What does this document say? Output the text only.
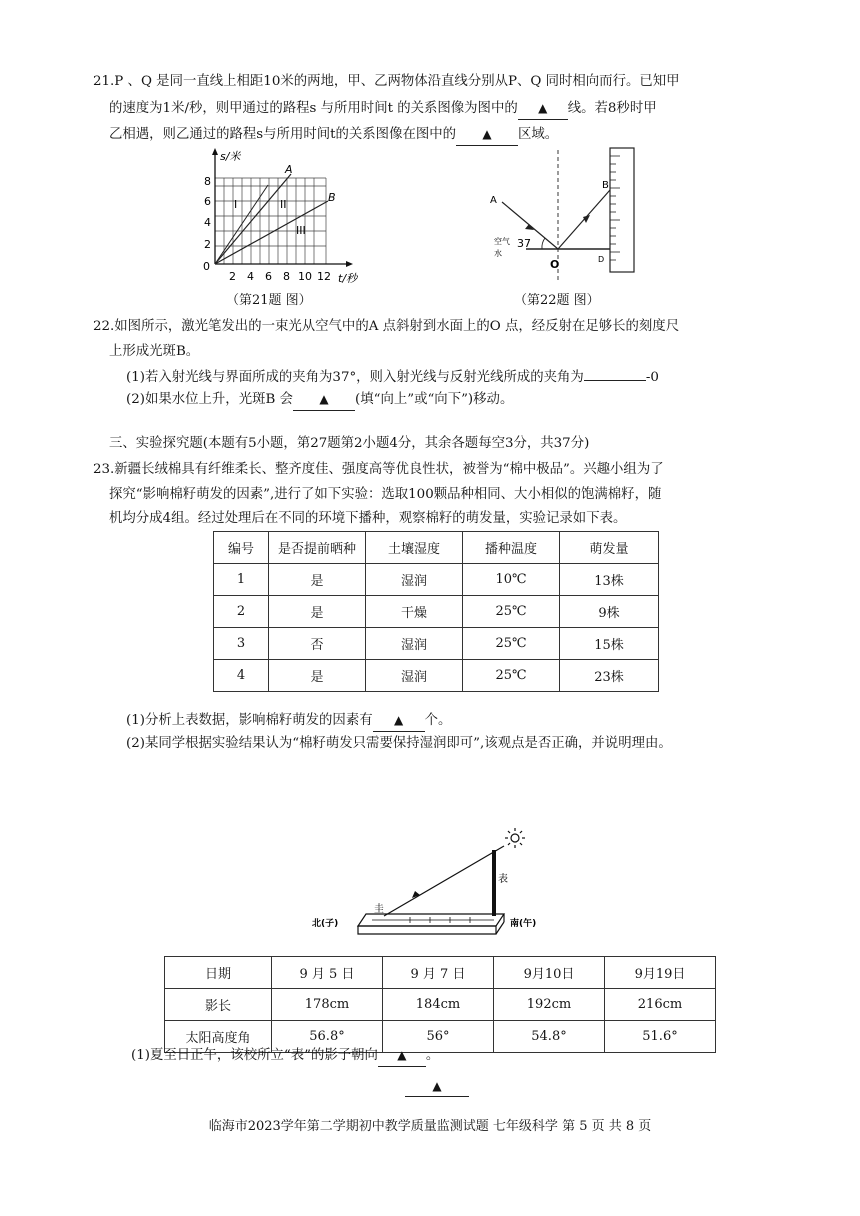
21.P 、Q 是同一直线上相距10米的两地，甲、乙两物体沿直线分别从P、Q 同时相向而行。已知甲
的速度为1米/秒，则甲通过的路程s 与所用时间t 的关系图像为图中的 ▲ 线。若8秒时甲
乙相遇，则乙通过的路程s与所用时间t的关系图像在图中的 ▲ 区域。
s/米
t/秒
8
6
4
2
0
2 4 6 8 10 12
A
B
I	II
III
（第21题 图）
A
B
O	D
空气
水
37
（第22题 图）
22.如图所示，激光笔发出的一束光从空气中的A 点斜射到水面上的O 点，经反射在足够长的刻度尺
上形成光斑B。
(1)若入射光线与界面所成的夹角为37°，则入射光线与反射光线所成的夹角为	-0
(2)如果水位上升，光斑B 会 ▲ (填“向上”或“向下”)移动。
三、实验探究题(本题有5小题，第27题第2小题4分，其余各题每空3分，共37分)
23.新疆长绒棉具有纤维柔长、整齐度佳、强度高等优良性状，被誉为“棉中极品”。兴趣小组为了
探究“影响棉籽萌发的因素”,进行了如下实验：选取100颗品种相同、大小相似的饱满棉籽，随
机均分成4组。经过处理后在不同的环境下播种，观察棉籽的萌发量，实验记录如下表。
编号	是否提前晒种	土壤湿度	播种温度	萌发量
1	是	湿润	10℃	13株
2	是	干燥	25℃	9株
3	否	湿润	25℃	15株
4	是	湿润	25℃	23株
(1)分析上表数据，影响棉籽萌发的因素有 ▲ 个。
(2)某同学根据实验结果认为“棉籽萌发只需要保持湿润即可”,该观点是否正确，并说明理由。
圭
表
北(子)	南(午)
日期	9 月 5 日	9 月 7 日	9月10日	9月19日
影长	178cm	184cm	192cm	216cm
太阳高度角	56.8°	56°	54.8°	51.6°
(1)夏至日正午，该校所立“表”的影子朝向 ▲ 。
▲
临海市2023学年第二学期初中教学质量监测试题 七年级科学 第 5 页 共 8 页
